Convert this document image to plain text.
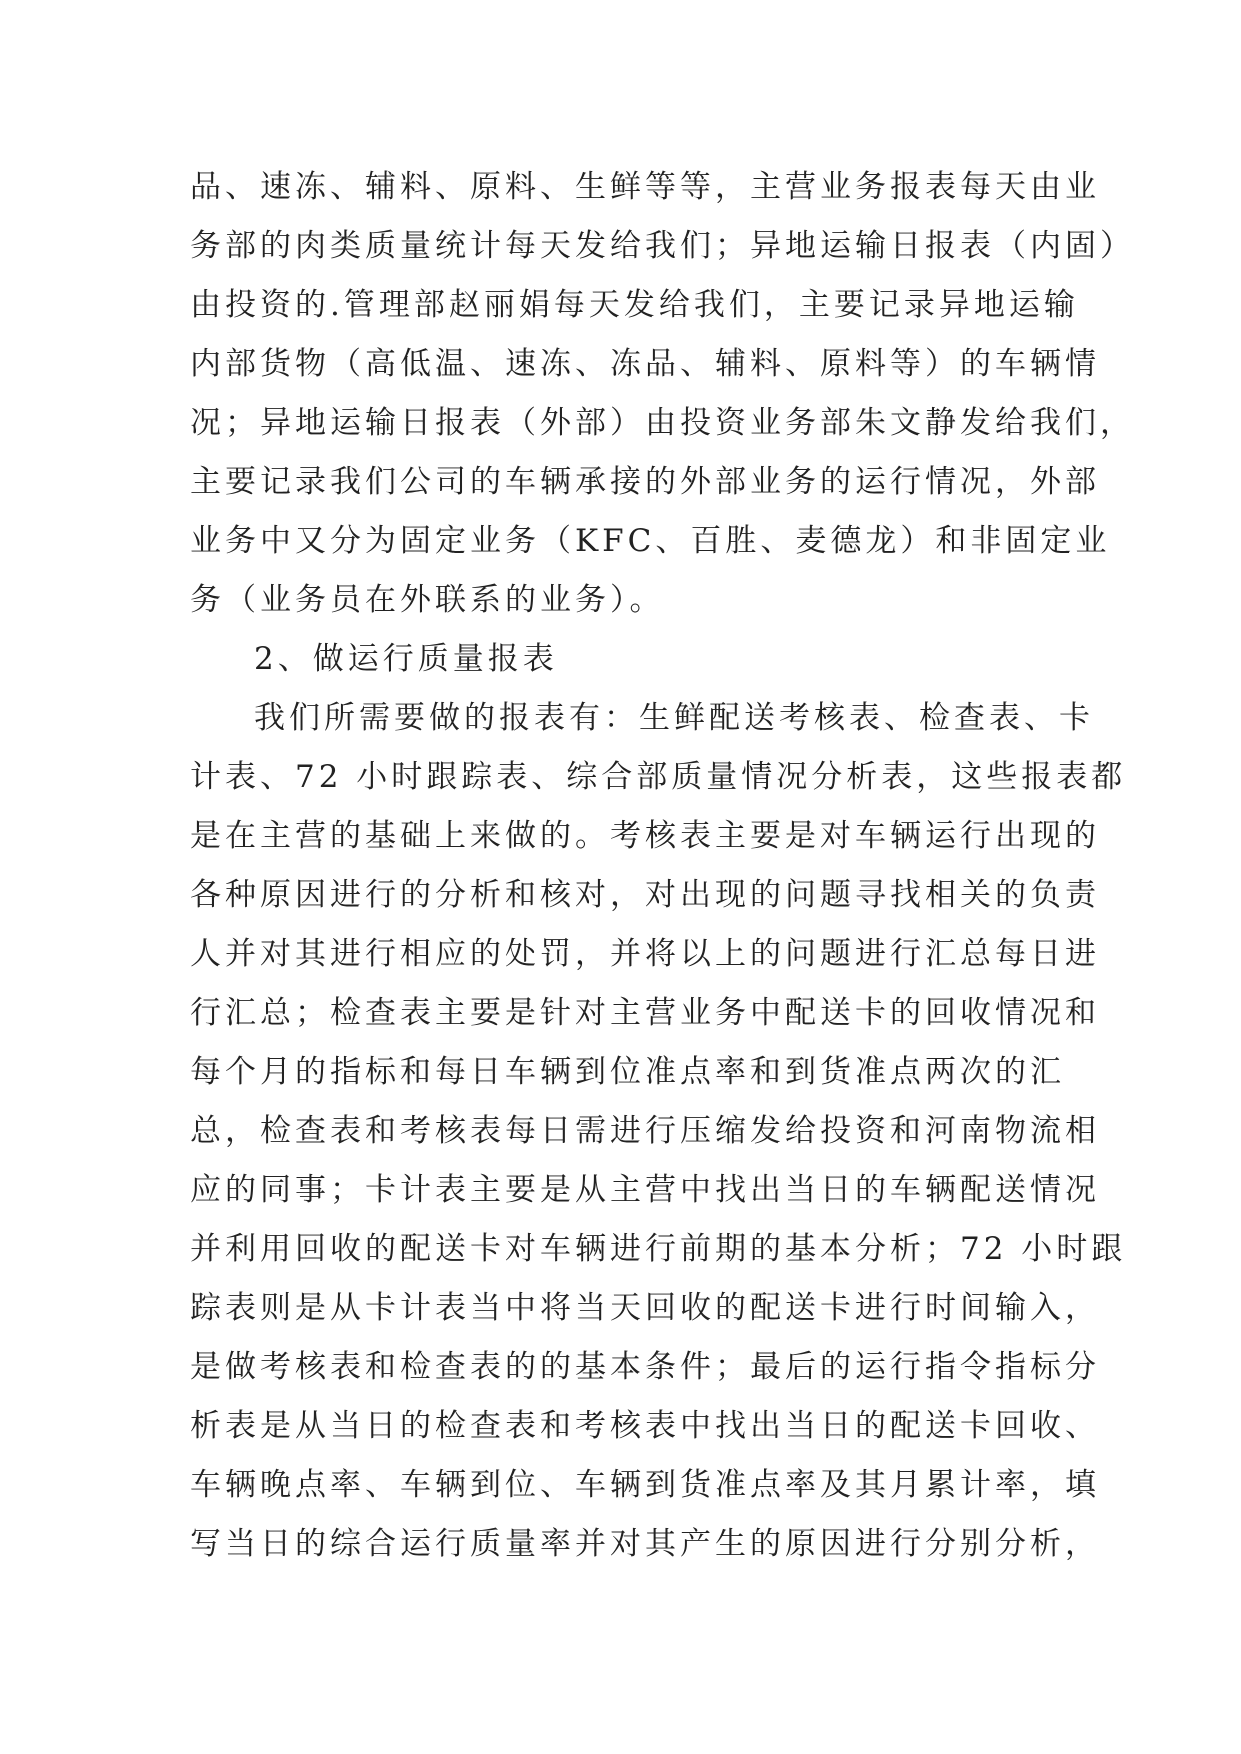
品、速冻、辅料、原料、生鲜等等，主营业务报表每天由业
务部的肉类质量统计每天发给我们；异地运输日报表（内固）
由投资的.管理部赵丽娟每天发给我们，主要记录异地运输
内部货物（高低温、速冻、冻品、辅料、原料等）的车辆情
况；异地运输日报表（外部）由投资业务部朱文静发给我们，
主要记录我们公司的车辆承接的外部业务的运行情况，外部
业务中又分为固定业务（KFC、百胜、麦德龙）和非固定业
务（业务员在外联系的业务）。
2、做运行质量报表
我们所需要做的报表有：生鲜配送考核表、检查表、卡
计表、72 小时跟踪表、综合部质量情况分析表，这些报表都
是在主营的基础上来做的。考核表主要是对车辆运行出现的
各种原因进行的分析和核对，对出现的问题寻找相关的负责
人并对其进行相应的处罚，并将以上的问题进行汇总每日进
行汇总；检查表主要是针对主营业务中配送卡的回收情况和
每个月的指标和每日车辆到位准点率和到货准点两次的汇
总，检查表和考核表每日需进行压缩发给投资和河南物流相
应的同事；卡计表主要是从主营中找出当日的车辆配送情况
并利用回收的配送卡对车辆进行前期的基本分析；72 小时跟
踪表则是从卡计表当中将当天回收的配送卡进行时间输入，
是做考核表和检查表的的基本条件；最后的运行指令指标分
析表是从当日的检查表和考核表中找出当日的配送卡回收、
车辆晚点率、车辆到位、车辆到货准点率及其月累计率，填
写当日的综合运行质量率并对其产生的原因进行分别分析，
